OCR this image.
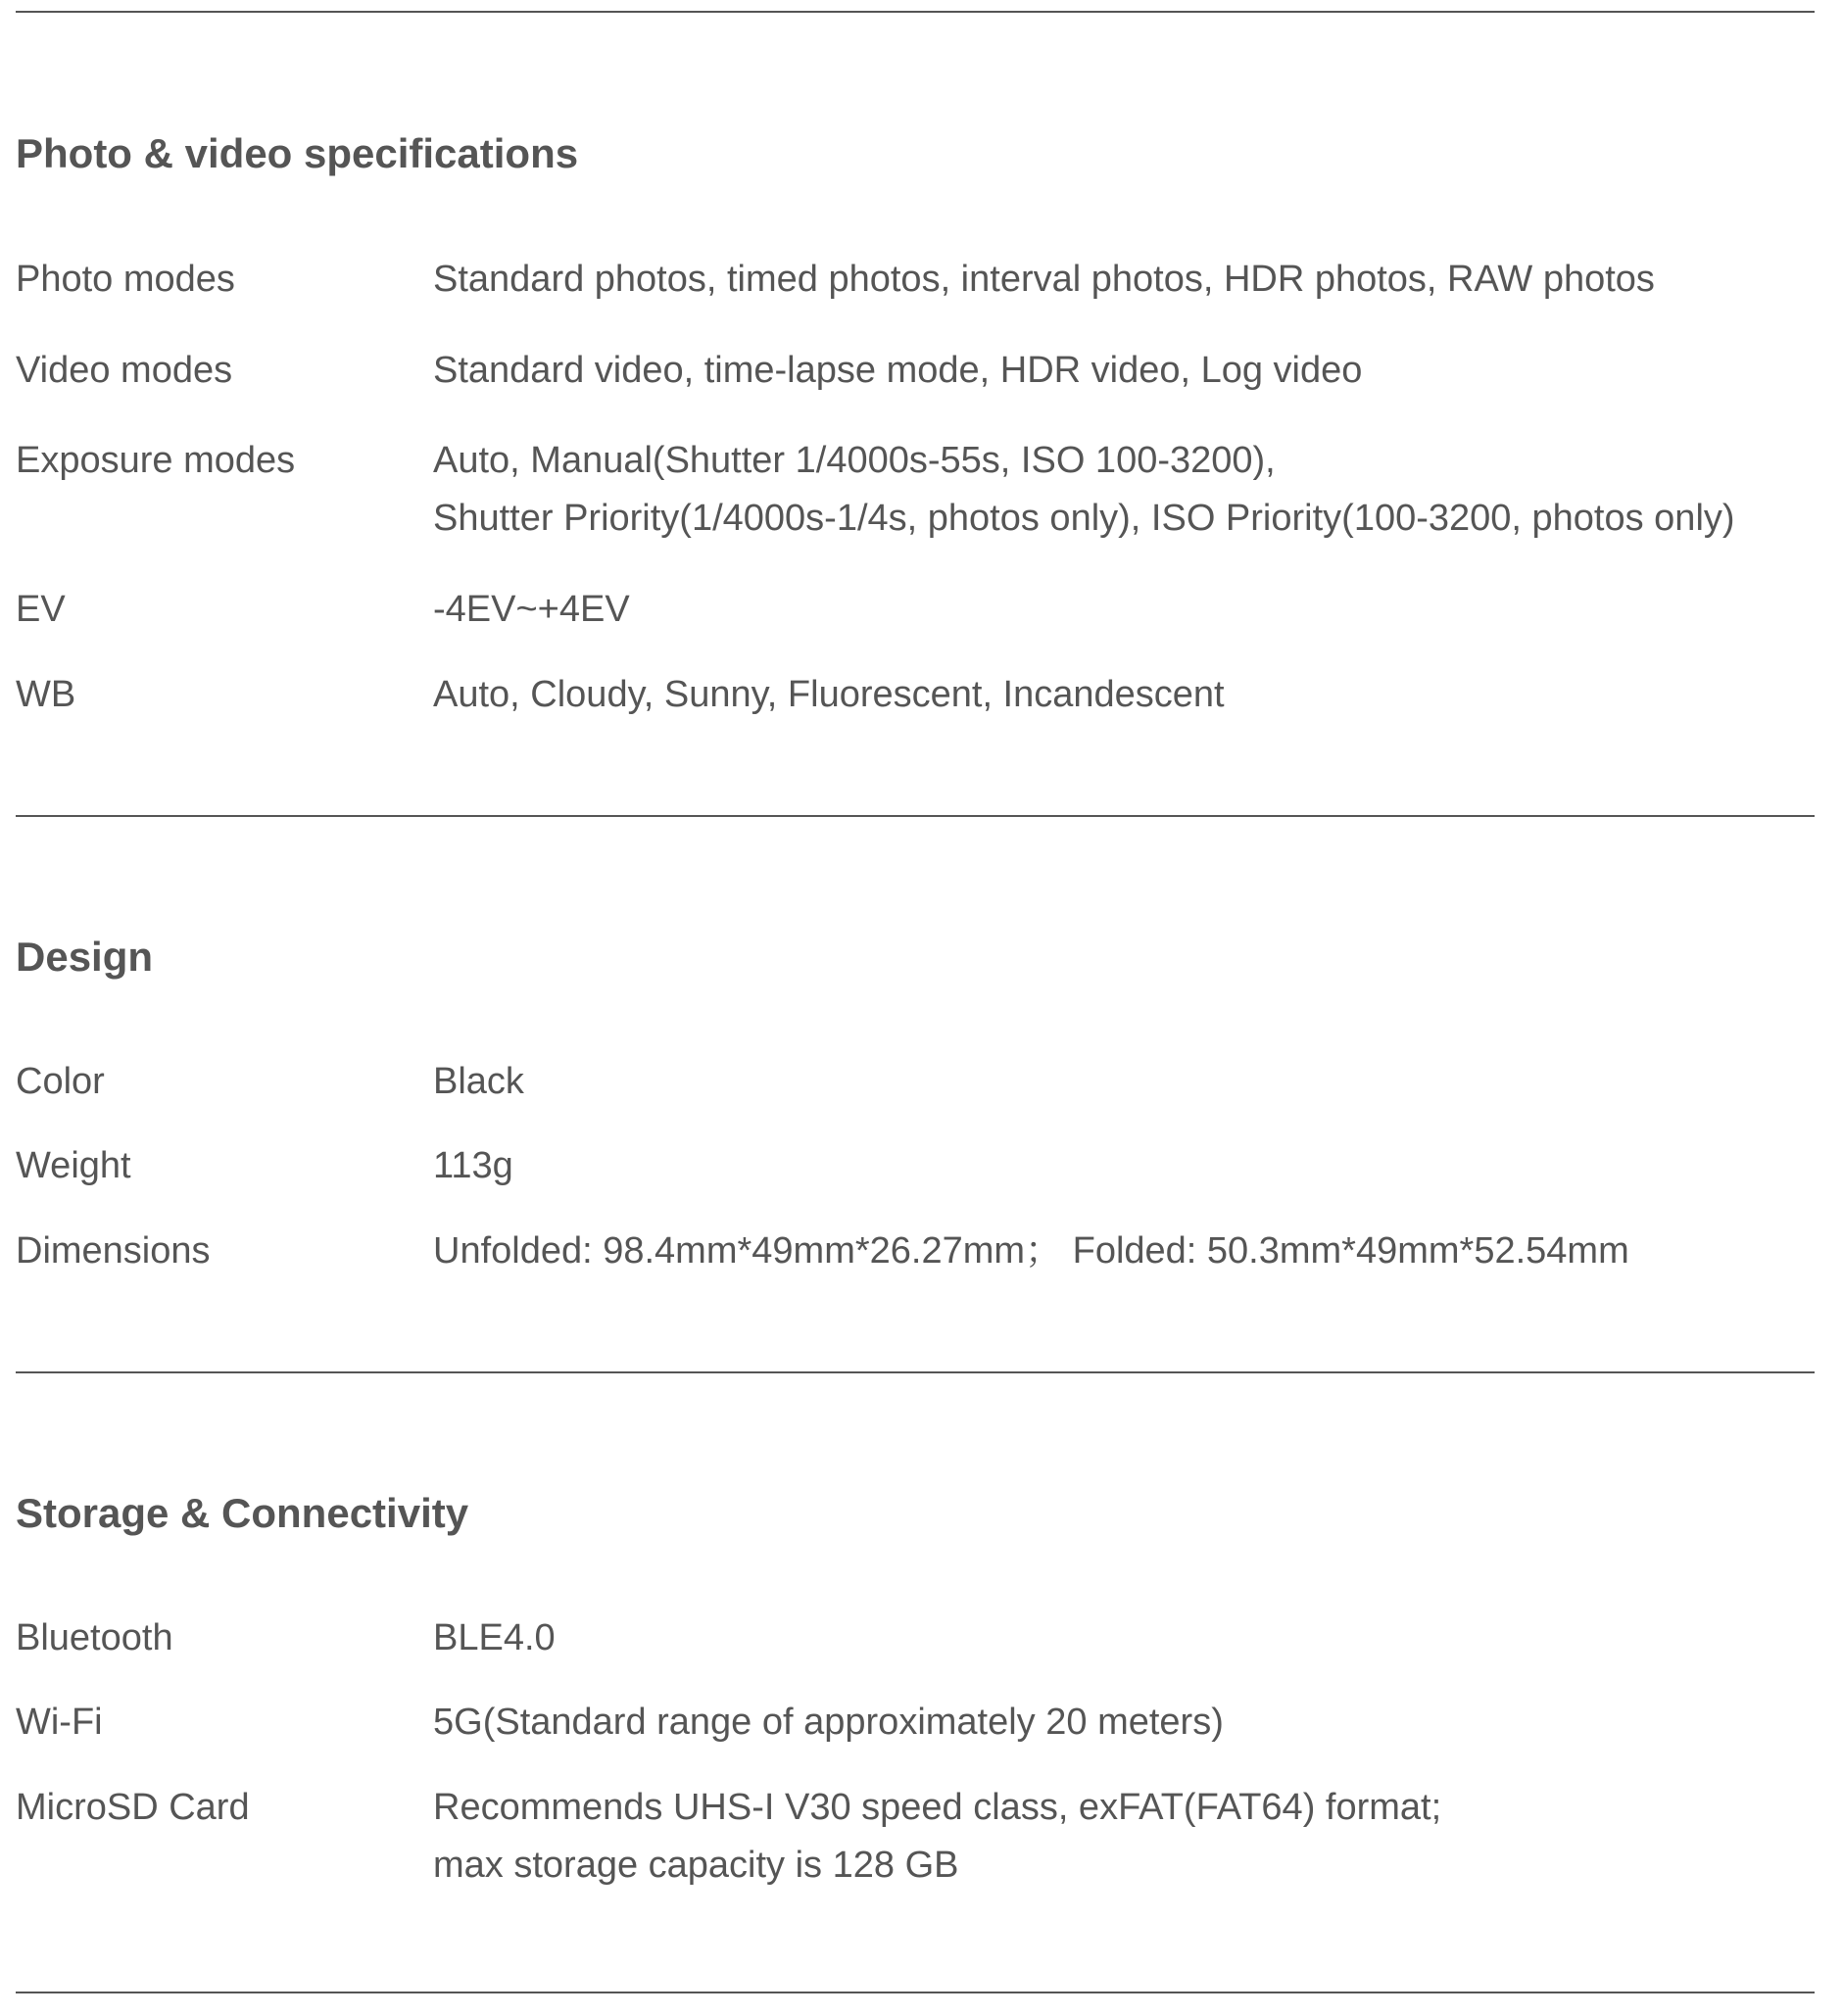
Photo & video specifications
Photo modes	Standard photos, timed photos, interval photos, HDR photos, RAW photos
Video modes	Standard video, time-lapse mode, HDR video, Log video
Exposure modes	Auto, Manual(Shutter 1/4000s-55s, ISO 100-3200),
Shutter Priority(1/4000s-1/4s, photos only), ISO Priority(100-3200, photos only)
EV	-4EV~+4EV
WB	Auto, Cloudy, Sunny, Fluorescent, Incandescent
Design
Color	Black
Weight	113g
Dimensions	Unfolded: 98.4mm*49mm*26.27mm； Folded: 50.3mm*49mm*52.54mm
Storage & Connectivity
Bluetooth	BLE4.0
Wi-Fi	5G(Standard range of approximately 20 meters)
MicroSD Card	Recommends UHS-I V30 speed class, exFAT(FAT64) format;
max storage capacity is 128 GB
